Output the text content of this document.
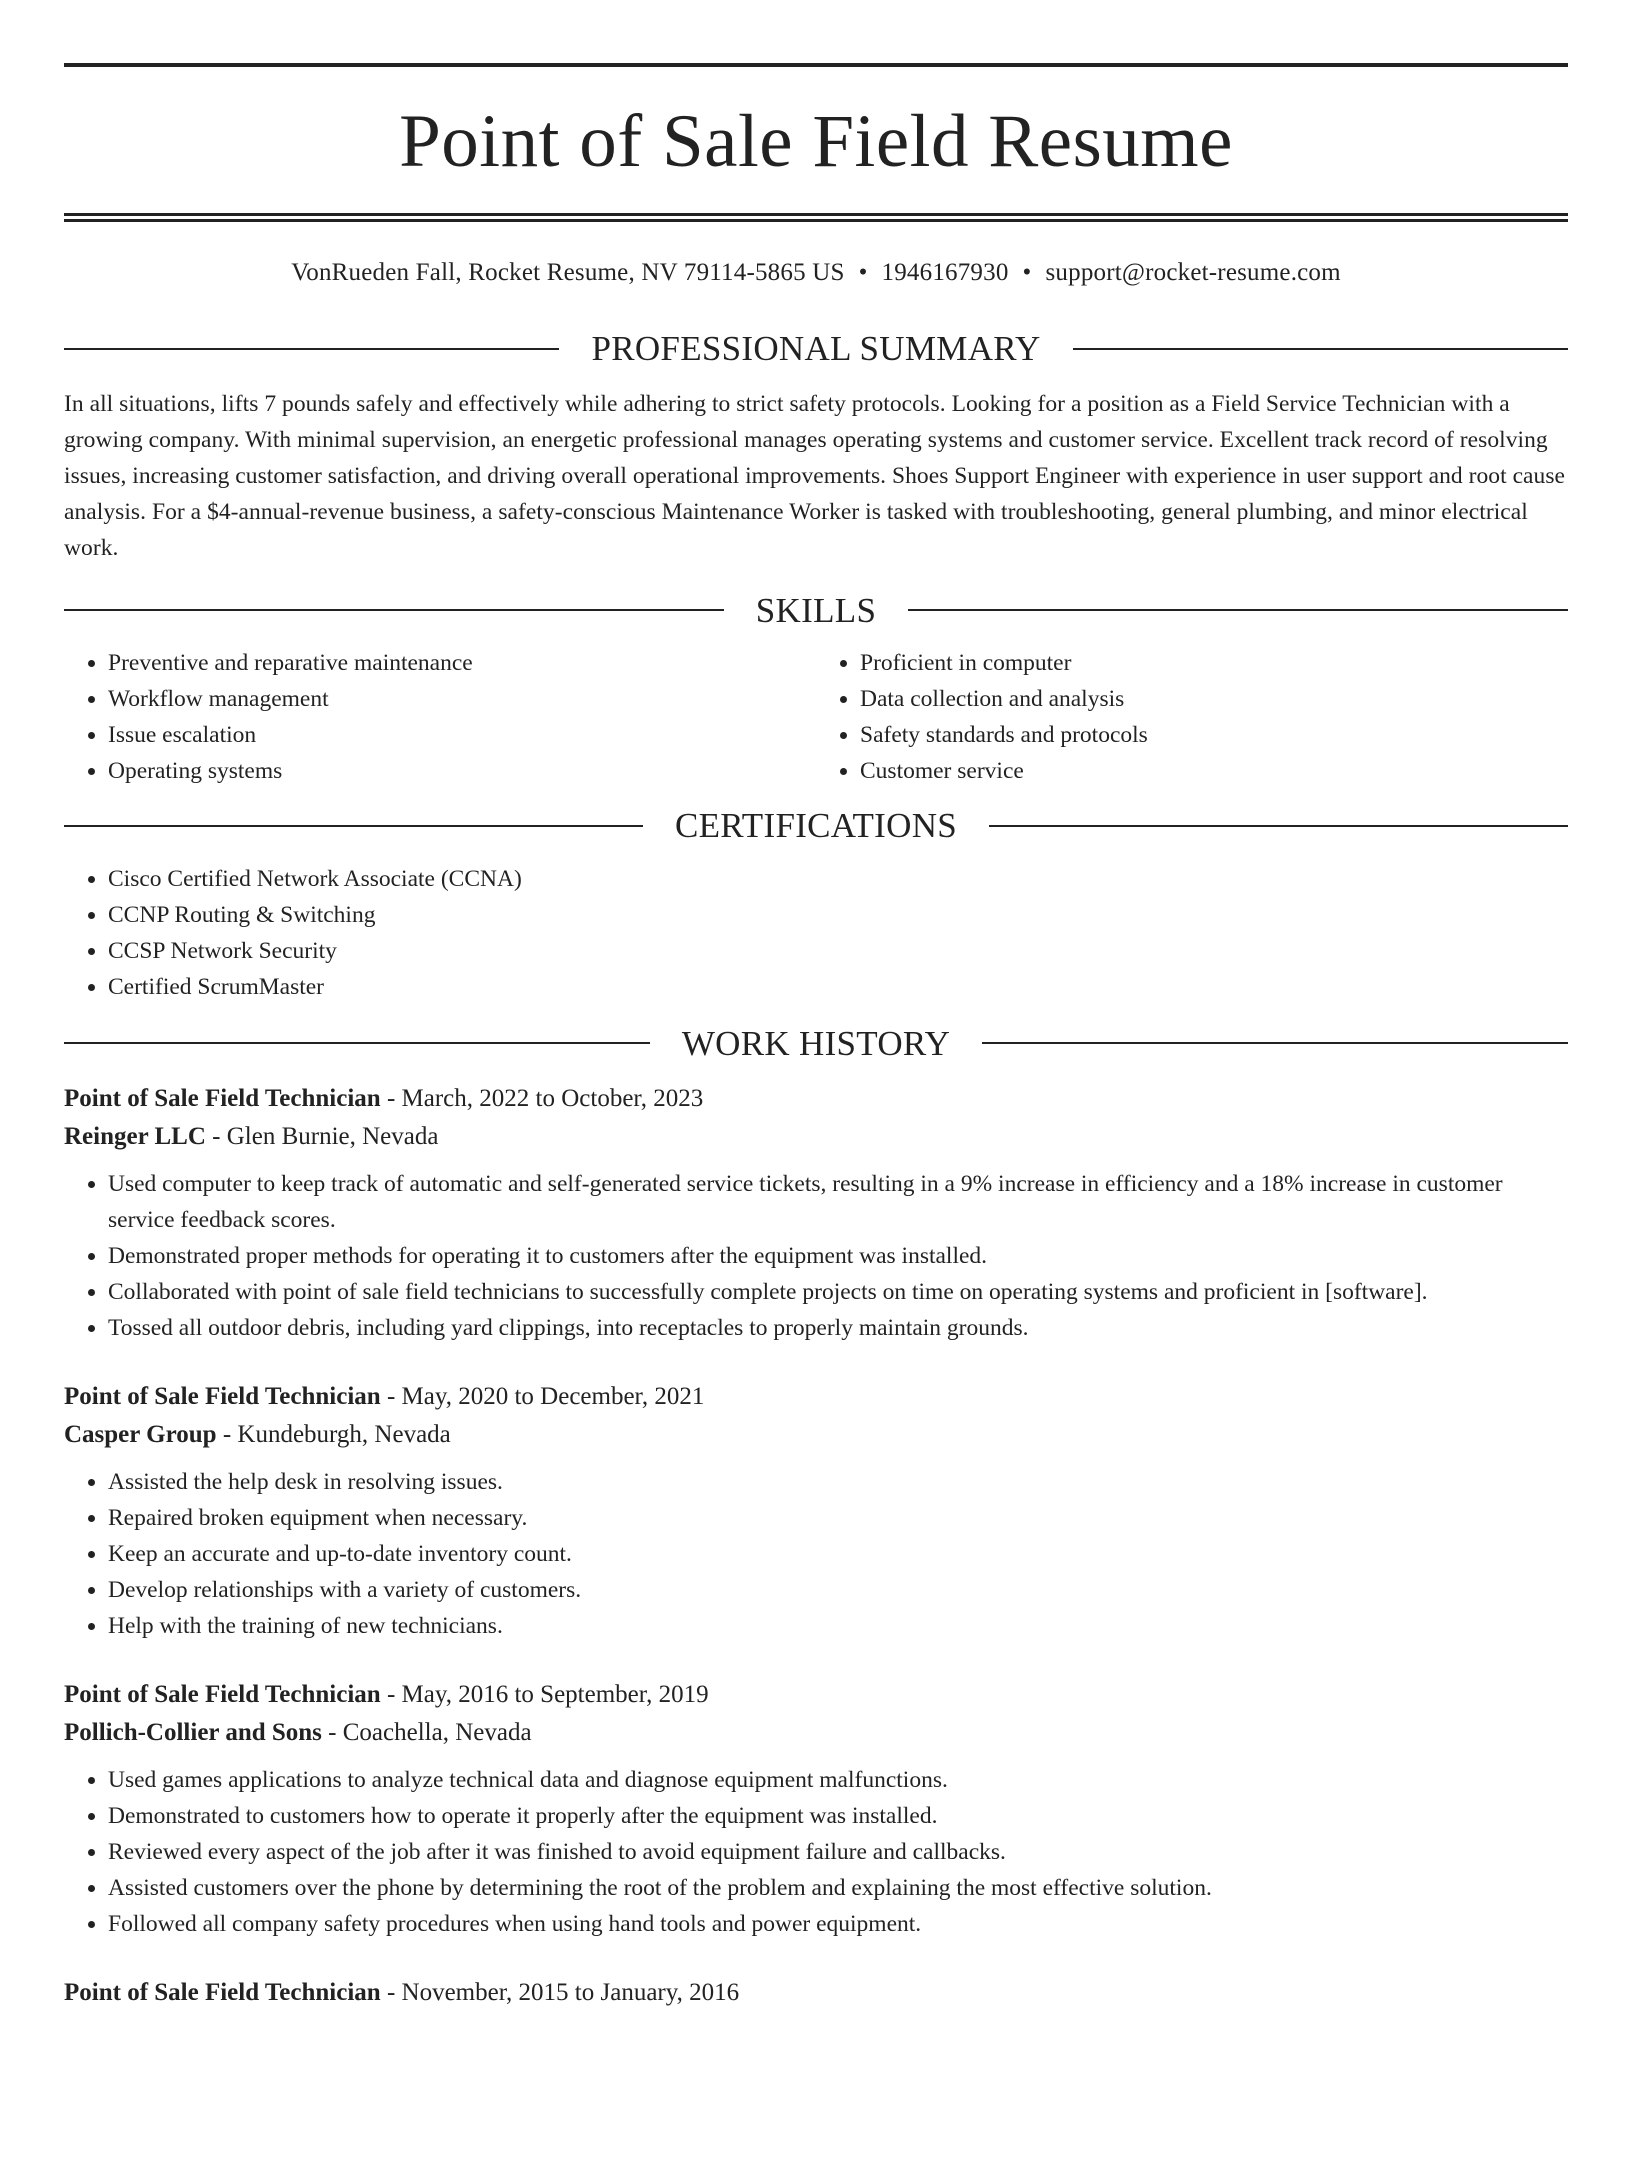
Point of Sale Field Resume
VonRueden Fall, Rocket Resume, NV 79114-5865 US • 1946167930 • support@rocket-resume.com
PROFESSIONAL SUMMARY

In all situations, lifts 7 pounds safely and effectively while adhering to strict safety protocols. Looking for a position as a Field Service Technician with a growing company. With minimal supervision, an energetic professional manages operating systems and customer service. Excellent track record of resolving issues, increasing customer satisfaction, and driving overall operational improvements. Shoes Support Engineer with experience in user support and root cause analysis. For a $4-annual-revenue business, a safety-conscious Maintenance Worker is tasked with troubleshooting, general plumbing, and minor electrical work.

SKILLS
• Preventive and reparative maintenance
• Workflow management
• Issue escalation
• Operating systems
• Proficient in computer
• Data collection and analysis
• Safety standards and protocols
• Customer service
CERTIFICATIONS
• Cisco Certified Network Associate (CCNA)
• CCNP Routing & Switching
• CCSP Network Security
• Certified ScrumMaster
WORK HISTORY
Point of Sale Field Technician - March, 2022 to October, 2023
Reinger LLC - Glen Burnie, Nevada
• Used computer to keep track of automatic and self-generated service tickets, resulting in a 9% increase in efficiency and a 18% increase in customer service feedback scores.
• Demonstrated proper methods for operating it to customers after the equipment was installed.
• Collaborated with point of sale field technicians to successfully complete projects on time on operating systems and proficient in [software].
• Tossed all outdoor debris, including yard clippings, into receptacles to properly maintain grounds.
Point of Sale Field Technician - May, 2020 to December, 2021
Casper Group - Kundeburgh, Nevada
• Assisted the help desk in resolving issues.
• Repaired broken equipment when necessary.
• Keep an accurate and up-to-date inventory count.
• Develop relationships with a variety of customers.
• Help with the training of new technicians.
Point of Sale Field Technician - May, 2016 to September, 2019
Pollich-Collier and Sons - Coachella, Nevada
• Used games applications to analyze technical data and diagnose equipment malfunctions.
• Demonstrated to customers how to operate it properly after the equipment was installed.
• Reviewed every aspect of the job after it was finished to avoid equipment failure and callbacks.
• Assisted customers over the phone by determining the root of the problem and explaining the most effective solution.
• Followed all company safety procedures when using hand tools and power equipment.
Point of Sale Field Technician - November, 2015 to January, 2016
